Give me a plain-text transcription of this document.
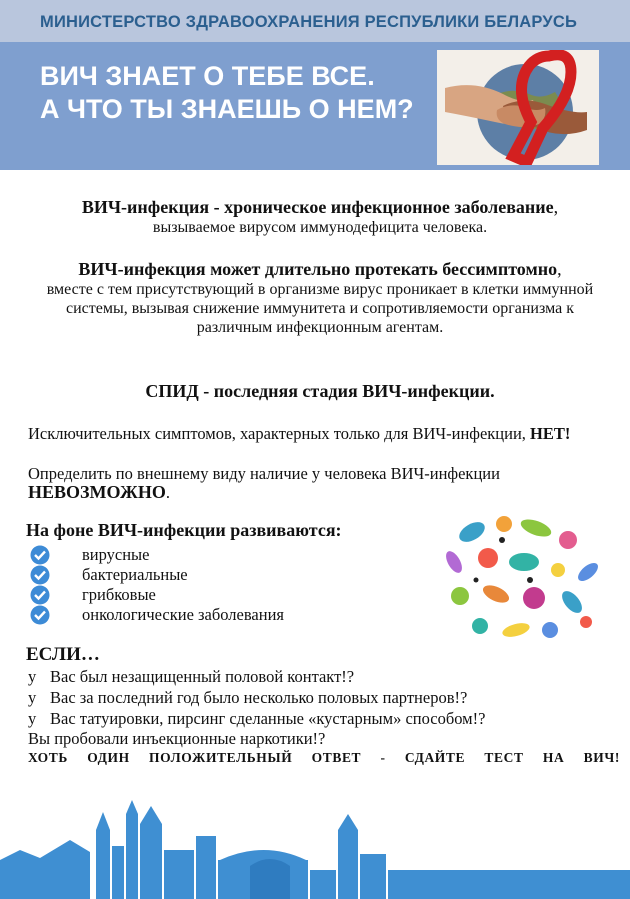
МИНИСТЕРСТВО ЗДРАВООХРАНЕНИЯ РЕСПУБЛИКИ БЕЛАРУСЬ
ВИЧ ЗНАЕТ О ТЕБЕ ВСЕ.
А ЧТО ТЫ ЗНАЕШЬ О НЕМ?
ВИЧ-инфекция - хроническое инфекционное заболевание,
вызываемое вирусом иммунодефицита человека.
ВИЧ-инфекция может длительно протекать бессимптомно,
вместе с тем присутствующий в организме вирус проникает в клетки иммунной системы, вызывая снижение иммунитета и сопротивляемости организма к различным инфекционным агентам.
СПИД - последняя стадия ВИЧ-инфекции.
Исключительных симптомов, характерных только для ВИЧ-инфекции, НЕТ!
Определить по внешнему виду наличие у человека ВИЧ-инфекции
НЕВОЗМОЖНО.
На фоне ВИЧ-инфекции развиваются:
вирусные
бактериальные
грибковые
онкологические заболевания
ЕСЛИ…
у Вас был незащищенный половой контакт!?
у Вас за последний год было несколько половых партнеров!?
у Вас татуировки, пирсинг сделанные «кустарным» способом!?
Вы пробовали инъекционные наркотики!?
ХОТЬ ОДИН ПОЛОЖИТЕЛЬНЫЙ ОТВЕТ - СДАЙТЕ ТЕСТ НА ВИЧ!
